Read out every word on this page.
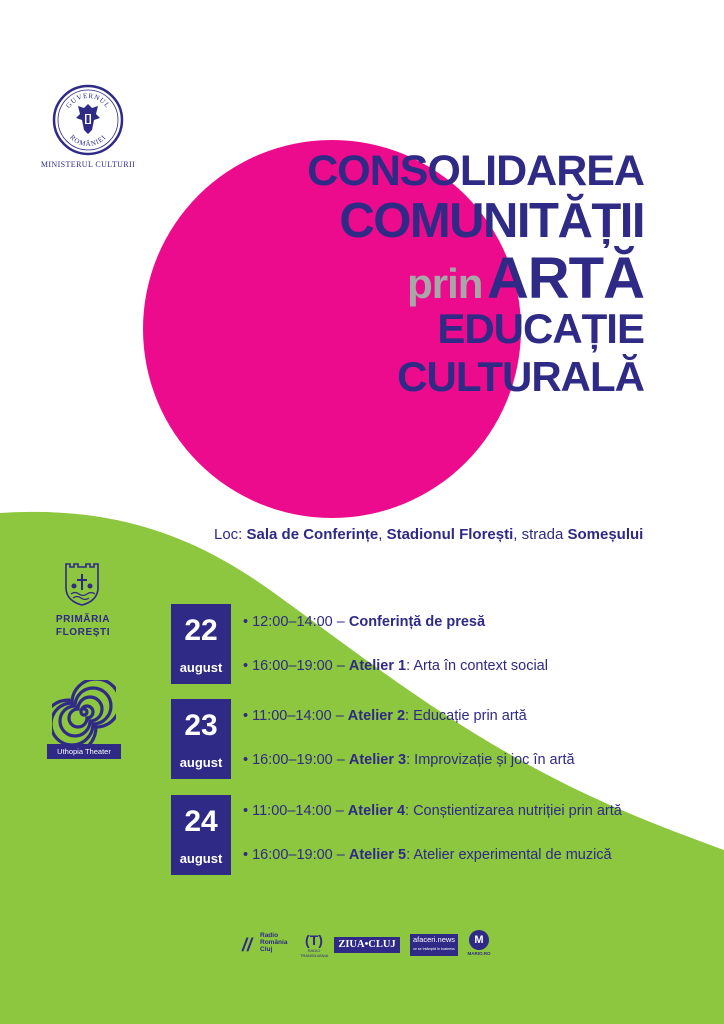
GUVERNUL
ROMÂNIEI
MINISTERUL CULTURII	CONSOLIDAREA
COMUNITĂȚII
prin ARTĂ
și EDUCAȚIE
CULTURALĂ
Loc: Sala de Conferințe, Stadionul Florești, strada Someșului
PRIMĂRIA
FLOREȘTI
Uthopia Theater
22
august
• 12:00–14:00 – Conferință de presă
• 16:00–19:00 – Atelier 1: Arta în context social
23
august
• 11:00–14:00 – Atelier 2: Educație prin artă
• 16:00–19:00 – Atelier 3: Improvizație și joc în artă
24
august
• 11:00–14:00 – Atelier 4: Conștientizarea nutriției prin artă
• 16:00–19:00 – Atelier 5: Atelier experimental de muzică
// Radio
România
Cluj
(T)
RADIO TRANSILVANIA
ZIUA•CLUJ	afaceri.news
ce se întâmplă în business
M
MARIO.RO
